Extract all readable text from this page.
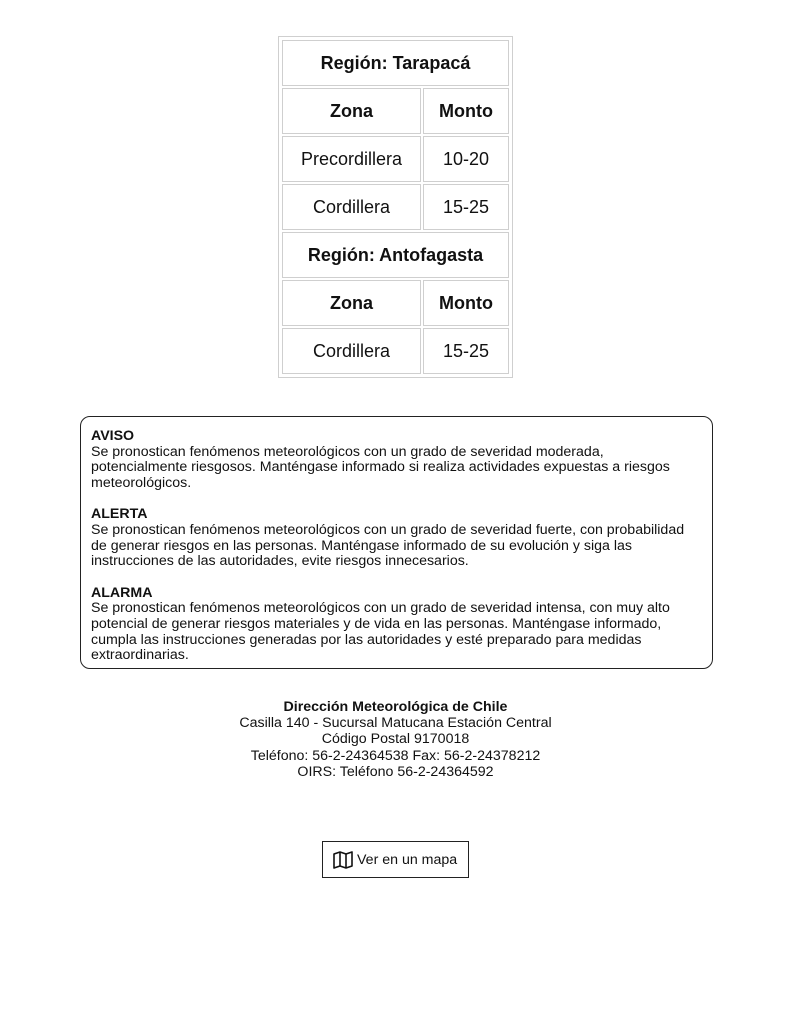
Región: Tarapacá	
Zona	Monto
Precordillera	10-20
Cordillera	15-25
Región: Antofagasta	
Zona	Monto
Cordillera	15-25
AVISO
Se pronostican fenómenos meteorológicos con un grado de severidad moderada, potencialmente riesgosos. Manténgase informado si realiza actividades expuestas a riesgos meteorológicos.
ALERTA
Se pronostican fenómenos meteorológicos con un grado de severidad fuerte, con probabilidad de generar riesgos en las personas. Manténgase informado de su evolución y siga las instrucciones de las autoridades, evite riesgos innecesarios.
ALARMA
Se pronostican fenómenos meteorológicos con un grado de severidad intensa, con muy alto potencial de generar riesgos materiales y de vida en las personas. Manténgase informado, cumpla las instrucciones generadas por las autoridades y esté preparado para medidas extraordinarias.
Dirección Meteorológica de Chile
Casilla 140 - Sucursal Matucana Estación Central
Código Postal 9170018
Teléfono: 56-2-24364538 Fax: 56-2-24378212
OIRS: Teléfono 56-2-24364592
Ver en un mapa
